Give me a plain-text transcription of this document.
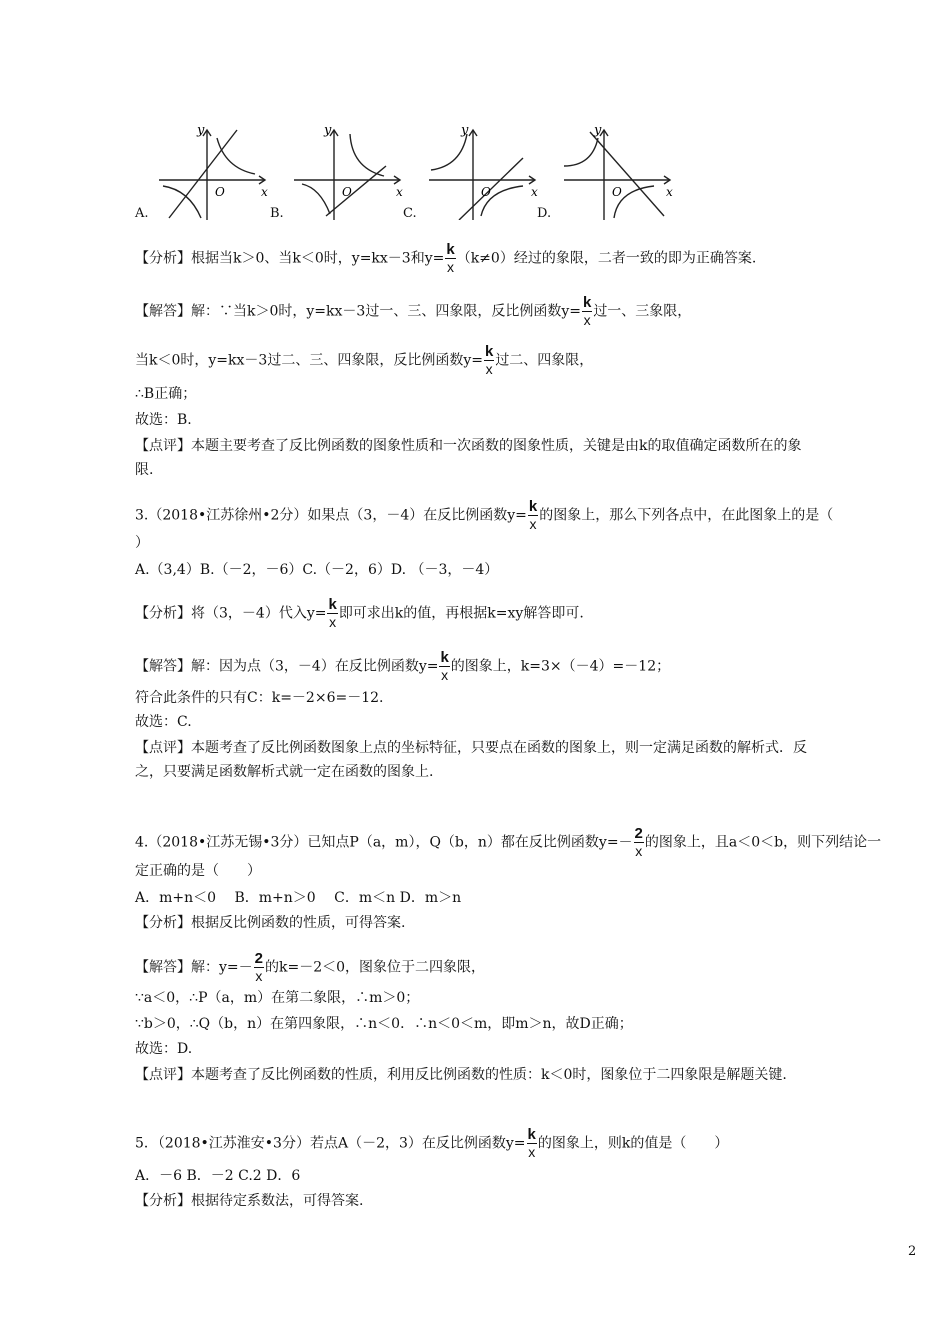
y
x
O
A.
y
x
O
B.
y
x
O
C.
y
x
O
D.
【分析】根据当k＞0、当k＜0时，y=kx－3和$y= \frac{k}{x} (k\ne 0)$经过的象限，二者一致的即为正确答案.
【解答】解：∵当k＞0时，y=kx－3过一、三、四象限，反比例函数$y= \frac{k}{x}$ 过一、三象限，
当k＜0时，y=kx－3过二、三、四象限，反比例函数$y= \frac{k}{x}$ 过二、四象限，
∴B正确；
故选：B.
【点评】本题主要考查了反比例函数的图象性质和一次函数的图象性质，关键是由k的取值确定函数所在的象
限.
3.（2018•江苏徐州•2分）如果点（3，－4）在反比例函数$y= \frac{k}{x}$ 的图象上，那么下列各点中，在此图象上的是（
）
A.（3,4）B.（－2，－6）C.（－2，6）D. （－3，－4）
【分析】将（3，－4）代入$y= \frac{k}{x}$ 即可求出k的值，再根据k=xy解答即可.
【解答】解：因为点（3，－4）在反比例函数$y= \frac{k}{x}$ 的图象上，k=3×（－4）=－12；
符合此条件的只有C：k=－2×6=－12.
故选：C.
【点评】本题考查了反比例函数图象上点的坐标特征，只要点在函数的图象上，则一定满足函数的解析式．反
之，只要满足函数解析式就一定在函数的图象上.
4.（2018•江苏无锡•3分）已知点P（a，m），Q（b，n）都在反比例函数$y=- \frac{2}{x}$ 的图象上，且a＜0＜b，则下列结论一
定正确的是（　　）
A．m+n＜0　 B．m+n＞0　 C．m＜n D．m＞n
【分析】根据反比例函数的性质，可得答案.
【解答】解：$y=- \frac{2}{x}$ 的k=－2＜0，图象位于二四象限，
∵a＜0，∴P（a，m）在第二象限，∴m＞0；
∵b＞0，∴Q（b，n）在第四象限，∴n＜0．∴n＜0＜m，即m＞n，故D正确；
故选：D.
【点评】本题考查了反比例函数的性质，利用反比例函数的性质：k＜0时，图象位于二四象限是解题关键.
5．（2018•江苏淮安•3分）若点A（－2，3）在反比例函数$y= \frac{k}{x}$ 的图象上，则k的值是（　　）
A．－6 B．－2 C.2 D．6
【分析】根据待定系数法，可得答案.
2
